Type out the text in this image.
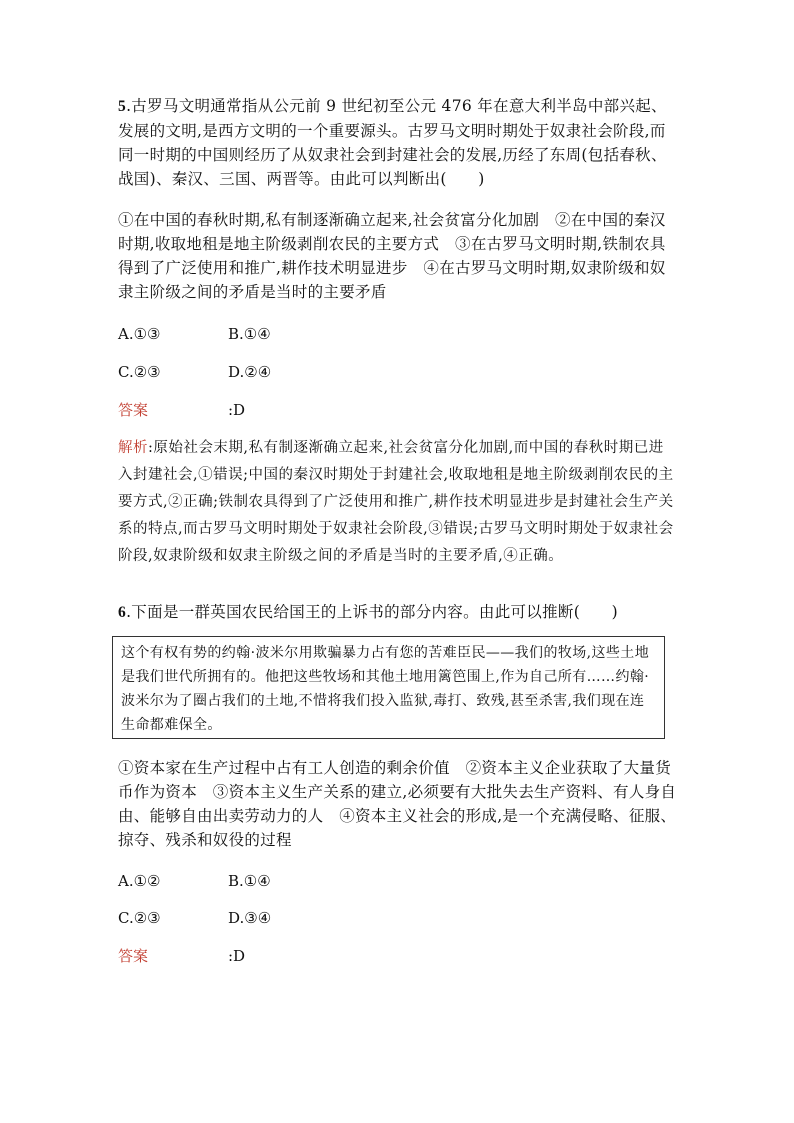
5.古罗马文明通常指从公元前 9 世纪初至公元 476 年在意大利半岛中部兴起、发展的文明,是西方文明的一个重要源头。古罗马文明时期处于奴隶社会阶段,而同一时期的中国则经历了从奴隶社会到封建社会的发展,历经了东周(包括春秋、战国)、秦汉、三国、两晋等。由此可以判断出(　　)

①在中国的春秋时期,私有制逐渐确立起来,社会贫富分化加剧　②在中国的秦汉时期,收取地租是地主阶级剥削农民的主要方式　③在古罗马文明时期,铁制农具得到了广泛使用和推广,耕作技术明显进步　④在古罗马文明时期,奴隶阶级和奴隶主阶级之间的矛盾是当时的主要矛盾

A.①③	B.①④
C.②③	D.②④
答案	:D

解析:原始社会末期,私有制逐渐确立起来,社会贫富分化加剧,而中国的春秋时期已进入封建社会,①错误;中国的秦汉时期处于封建社会,收取地租是地主阶级剥削农民的主要方式,②正确;铁制农具得到了广泛使用和推广,耕作技术明显进步是封建社会生产关系的特点,而古罗马文明时期处于奴隶社会阶段,③错误;古罗马文明时期处于奴隶社会阶段,奴隶阶级和奴隶主阶级之间的矛盾是当时的主要矛盾,④正确。

6.下面是一群英国农民给国王的上诉书的部分内容。由此可以推断(　　)

这个有权有势的约翰·波米尔用欺骗暴力占有您的苦难臣民——我们的牧场,这些土地是我们世代所拥有的。他把这些牧场和其他土地用篱笆围上,作为自己所有……约翰·波米尔为了圈占我们的土地,不惜将我们投入监狱,毒打、致残,甚至杀害,我们现在连生命都难保全。

①资本家在生产过程中占有工人创造的剩余价值　②资本主义企业获取了大量货币作为资本　③资本主义生产关系的建立,必须要有大批失去生产资料、有人身自由、能够自由出卖劳动力的人　④资本主义社会的形成,是一个充满侵略、征服、掠夺、残杀和奴役的过程

A.①②	B.①④
C.②③	D.③④
答案	:D
